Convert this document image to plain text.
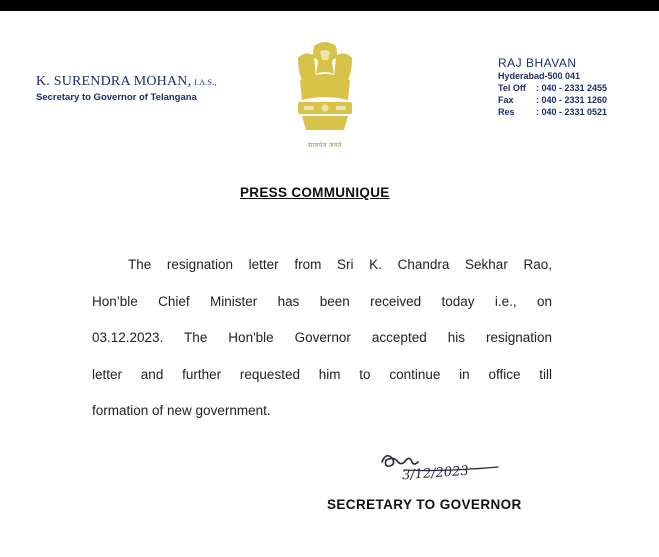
K. SURENDRA MOHAN, I.A.S.,
Secretary to Governor of Telangana
सत्यमेव जयते
RAJ BHAVAN
Hyderabad-500 041
Tel Off	: 040 - 2331 2455
Fax	: 040 - 2331 1260
Res	: 040 - 2331 0521
PRESS COMMUNIQUE
The resignation letter from Sri K. Chandra Sekhar Rao,
Hon’ble Chief Minister has been received today i.e., on
03.12.2023. The Hon'ble Governor accepted his resignation
letter and further requested him to continue in office till
formation of new government.
3/12/2023
SECRETARY TO GOVERNOR
